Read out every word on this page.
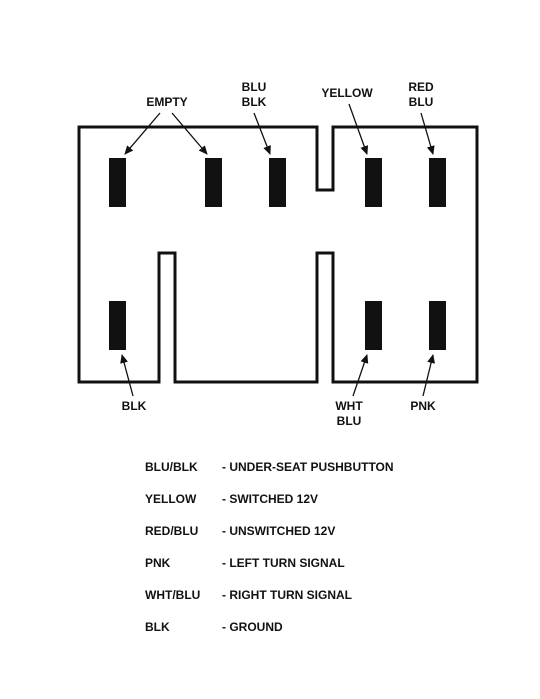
EMPTY
BLU
BLK
YELLOW	RED
BLU
BLK	WHT
BLU
PNK
BLU/BLK - UNDER-SEAT PUSHBUTTON
YELLOW - SWITCHED 12V
RED/BLU - UNSWITCHED 12V
PNK	- LEFT TURN SIGNAL
WHT/BLU - RIGHT TURN SIGNAL
BLK	- GROUND
